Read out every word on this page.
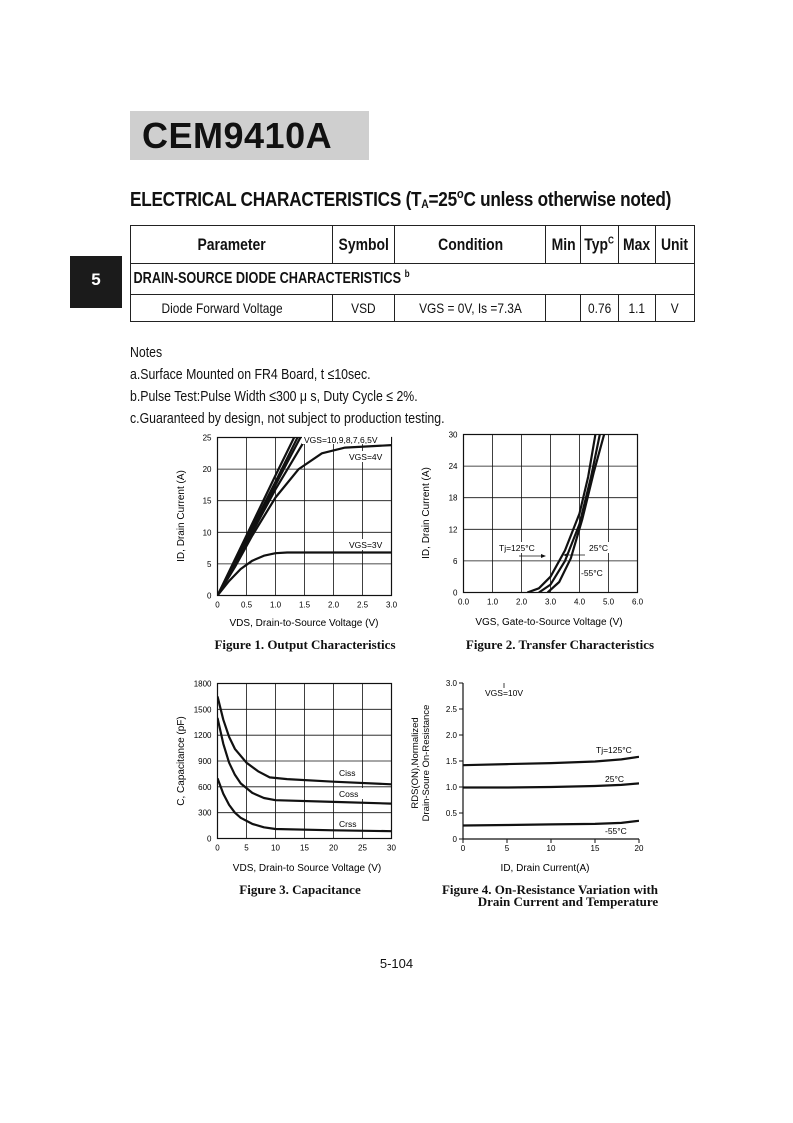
CEM9410A
5
ELECTRICAL CHARACTERISTICS ($T_A=25^oC$ unless otherwise noted)
Parameter	Symbol	Condition	Min	Typ$^C$	Max	Unit
DRAIN-SOURCE DIODE CHARACTERISTICS $^b$
Diode Forward Voltage	VSD	VGS = 0V, Is =7.3A		0.76	1.1	V
Notes
a.Surface Mounted on FR4 Board, t ≤10sec.
b.Pulse Test:Pulse Width ≤300 μ s, Duty Cycle ≤ 2%.
c.Guaranteed by design, not subject to production testing.
0	0.5 1.0 1.5 2.0 2.5 3.0
0
5
10
15
20
25	VGS=10,9,8,7,6,5V
VGS=4V
VGS=3V
VDS, Drain-to-Source Voltage (V)
ID, Drain Current (A)
Figure 1. Output Characteristics
0.0 1.0 2.0 3.0 4.0 5.0 6.0
0
6
12
18
24
30
Tj=125°C	25°C
-55°C
VGS, Gate-to-Source Voltage (V)
ID, Drain Current (A)
Figure 2. Transfer Characteristics
0	5	10	15	20	25	30
0
300
600
900
1200
1500
1800
Ciss
Coss
Crss
VDS, Drain-to Source Voltage (V)
C, Capacitance (pF)
Figure 3. Capacitance
0	5	10	15	20
0
0.5
1.0
1.5
2.0
2.5
3.0
VGS=10V
Tj=125°C
25°C
-55°C
ID, Drain Current(A)
RDS(ON),Normalized Drain-Soure On-Resistance
Figure 4. On-Resistance Variation with
Drain Current and Temperature
5-104
